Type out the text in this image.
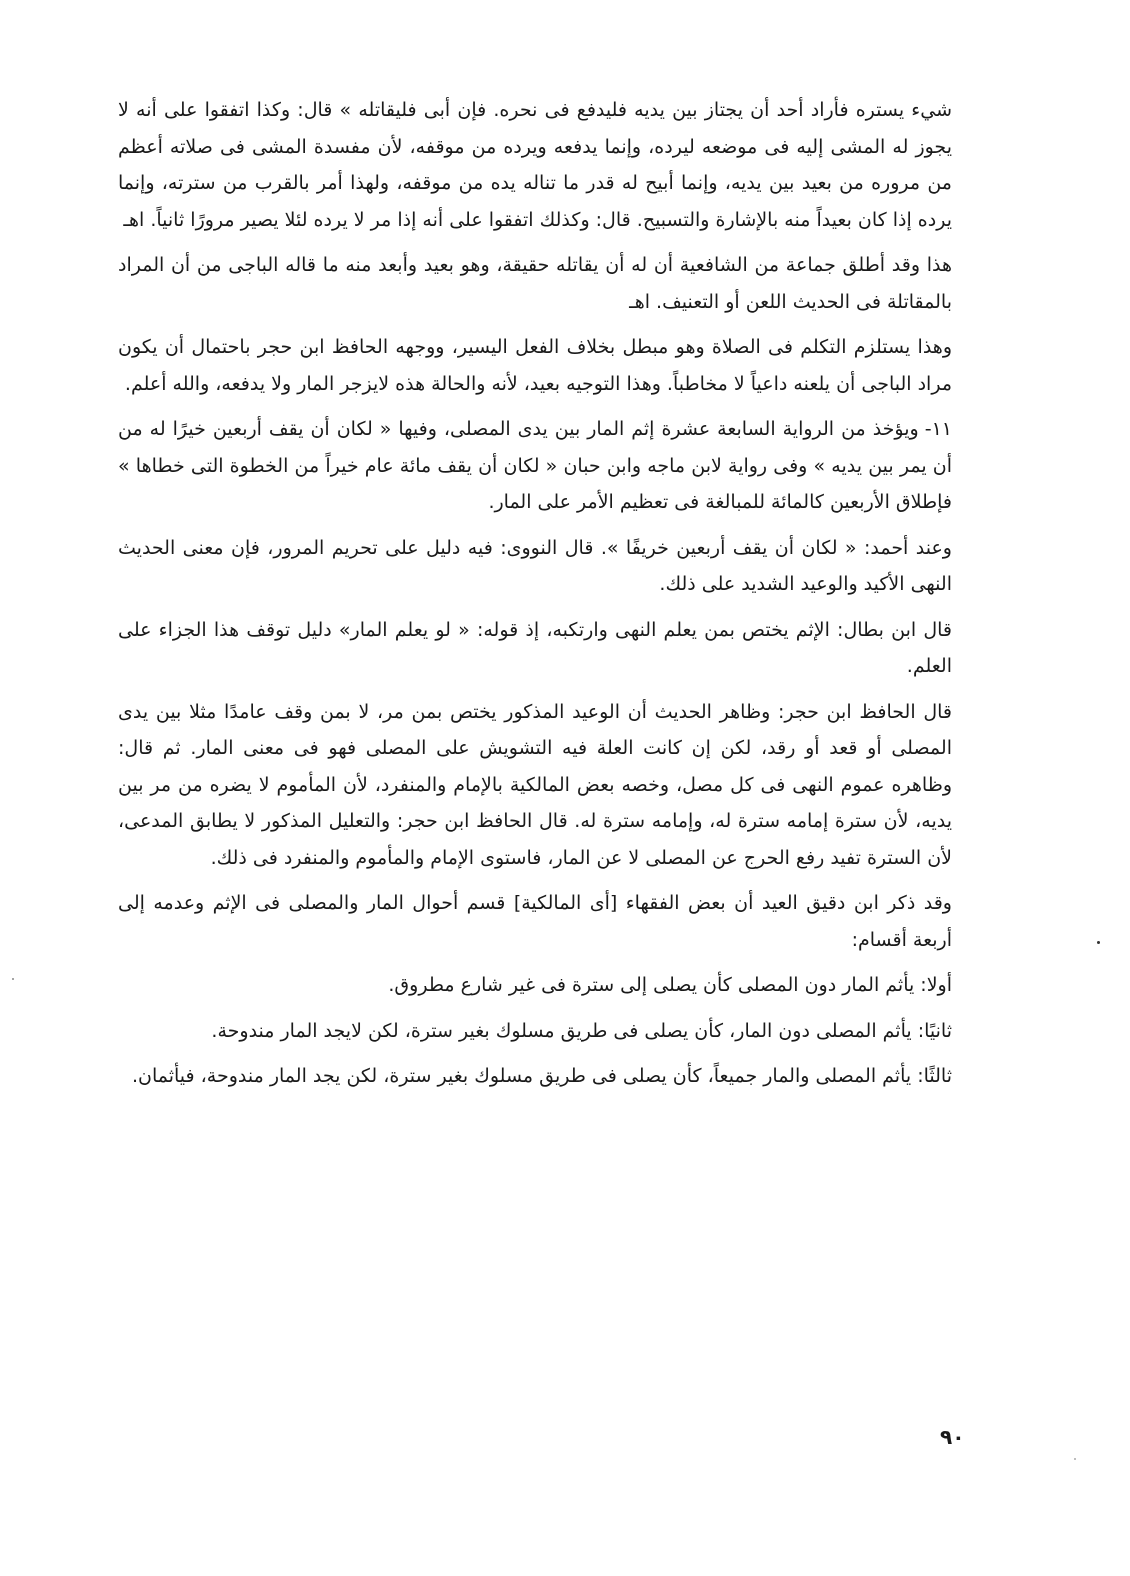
شيء يستره فأراد أحد أن يجتاز بين يديه فليدفع فى نحره. فإن أبى فليقاتله » قال: وكذا اتفقوا على أنه لا يجوز له المشى إليه فى موضعه ليرده، وإنما يدفعه ويرده من موقفه، لأن مفسدة المشى فى صلاته أعظم من مروره من بعيد بين يديه، وإنما أبيح له قدر ما تناله يده من موقفه، ولهذا أمر بالقرب من سترته، وإنما يرده إذا كان بعيداً منه بالإشارة والتسبيح. قال: وكذلك اتفقوا على أنه إذا مر لا يرده لئلا يصير مرورًا ثانياً. اهـ

هذا وقد أطلق جماعة من الشافعية أن له أن يقاتله حقيقة، وهو بعيد وأبعد منه ما قاله الباجى من أن المراد بالمقاتلة فى الحديث اللعن أو التعنيف. اهـ

وهذا يستلزم التكلم فى الصلاة وهو مبطل بخلاف الفعل اليسير، ووجهه الحافظ ابن حجر باحتمال أن يكون مراد الباجى أن يلعنه داعياً لا مخاطباً. وهذا التوجيه بعيد، لأنه والحالة هذه لايزجر المار ولا يدفعه، والله أعلم.

١١-ويؤخذ من الرواية السابعة عشرة إثم المار بين يدى المصلى، وفيها « لكان أن يقف أربعين خيرًا له من أن يمر بين يديه » وفى رواية لابن ماجه وابن حبان « لكان أن يقف مائة عام خيراً من الخطوة التى خطاها » فإطلاق الأربعين كالمائة للمبالغة فى تعظيم الأمر على المار.

وعند أحمد: « لكان أن يقف أربعين خريفًا ». قال النووى: فيه دليل على تحريم المرور، فإن معنى الحديث النهى الأكيد والوعيد الشديد على ذلك.

قال ابن بطال: الإثم يختص بمن يعلم النهى وارتكبه، إذ قوله: « لو يعلم المار» دليل توقف هذا الجزاء على العلم.

قال الحافظ ابن حجر: وظاهر الحديث أن الوعيد المذكور يختص بمن مر، لا بمن وقف عامدًا مثلا بين يدى المصلى أو قعد أو رقد، لكن إن كانت العلة فيه التشويش على المصلى فهو فى معنى المار. ثم قال: وظاهره عموم النهى فى كل مصل، وخصه بعض المالكية بالإمام والمنفرد، لأن المأموم لا يضره من مر بين يديه، لأن سترة إمامه سترة له، وإمامه سترة له. قال الحافظ ابن حجر: والتعليل المذكور لا يطابق المدعى، لأن السترة تفيد رفع الحرج عن المصلى لا عن المار، فاستوى الإمام والمأموم والمنفرد فى ذلك.

وقد ذكر ابن دقيق العيد أن بعض الفقهاء [أى المالكية] قسم أحوال المار والمصلى فى الإثم وعدمه إلى أربعة أقسام:

أولا: يأثم المار دون المصلى كأن يصلى إلى سترة فى غير شارع مطروق.

ثانيًا: يأثم المصلى دون المار، كأن يصلى فى طريق مسلوك بغير سترة، لكن لايجد المار مندوحة.

ثالثًا: يأثم المصلى والمار جميعاً، كأن يصلى فى طريق مسلوك بغير سترة، لكن يجد المار مندوحة، فيأثمان.

٩٠
